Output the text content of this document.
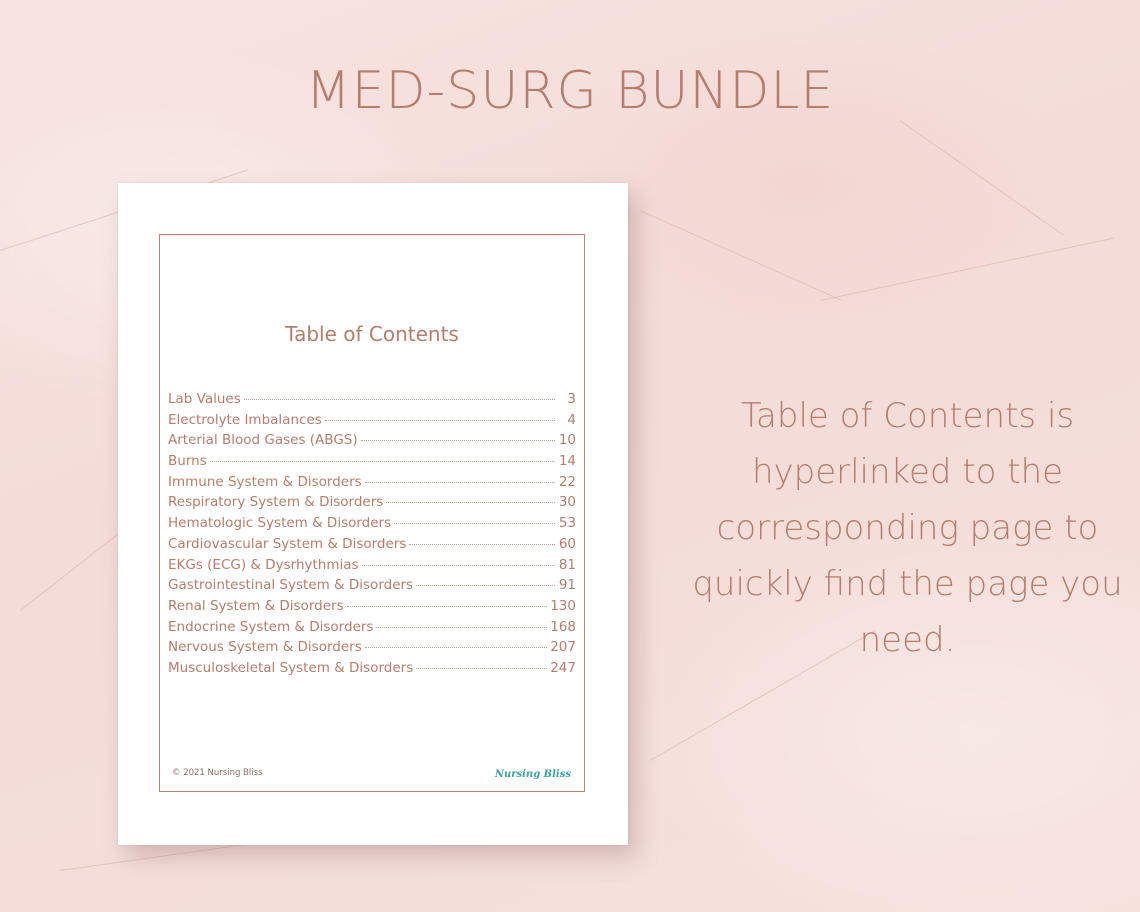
MED-SURG BUNDLE
Table of Contents
Lab Values	3
Electrolyte Imbalances	4
Arterial Blood Gases (ABGS)	10
Burns	14
Immune System & Disorders	22
Respiratory System & Disorders	30
Hematologic System & Disorders	53
Cardiovascular System & Disorders	60
EKGs (ECG) & Dysrhythmias	81
Gastrointestinal System & Disorders	91
Renal System & Disorders	130
Endocrine System & Disorders	168
Nervous System & Disorders	207
Musculoskeletal System & Disorders	247
© 2021 Nursing Bliss	Nursing Bliss
Table of Contents is hyperlinked to the corresponding page to quickly find the page you need.
